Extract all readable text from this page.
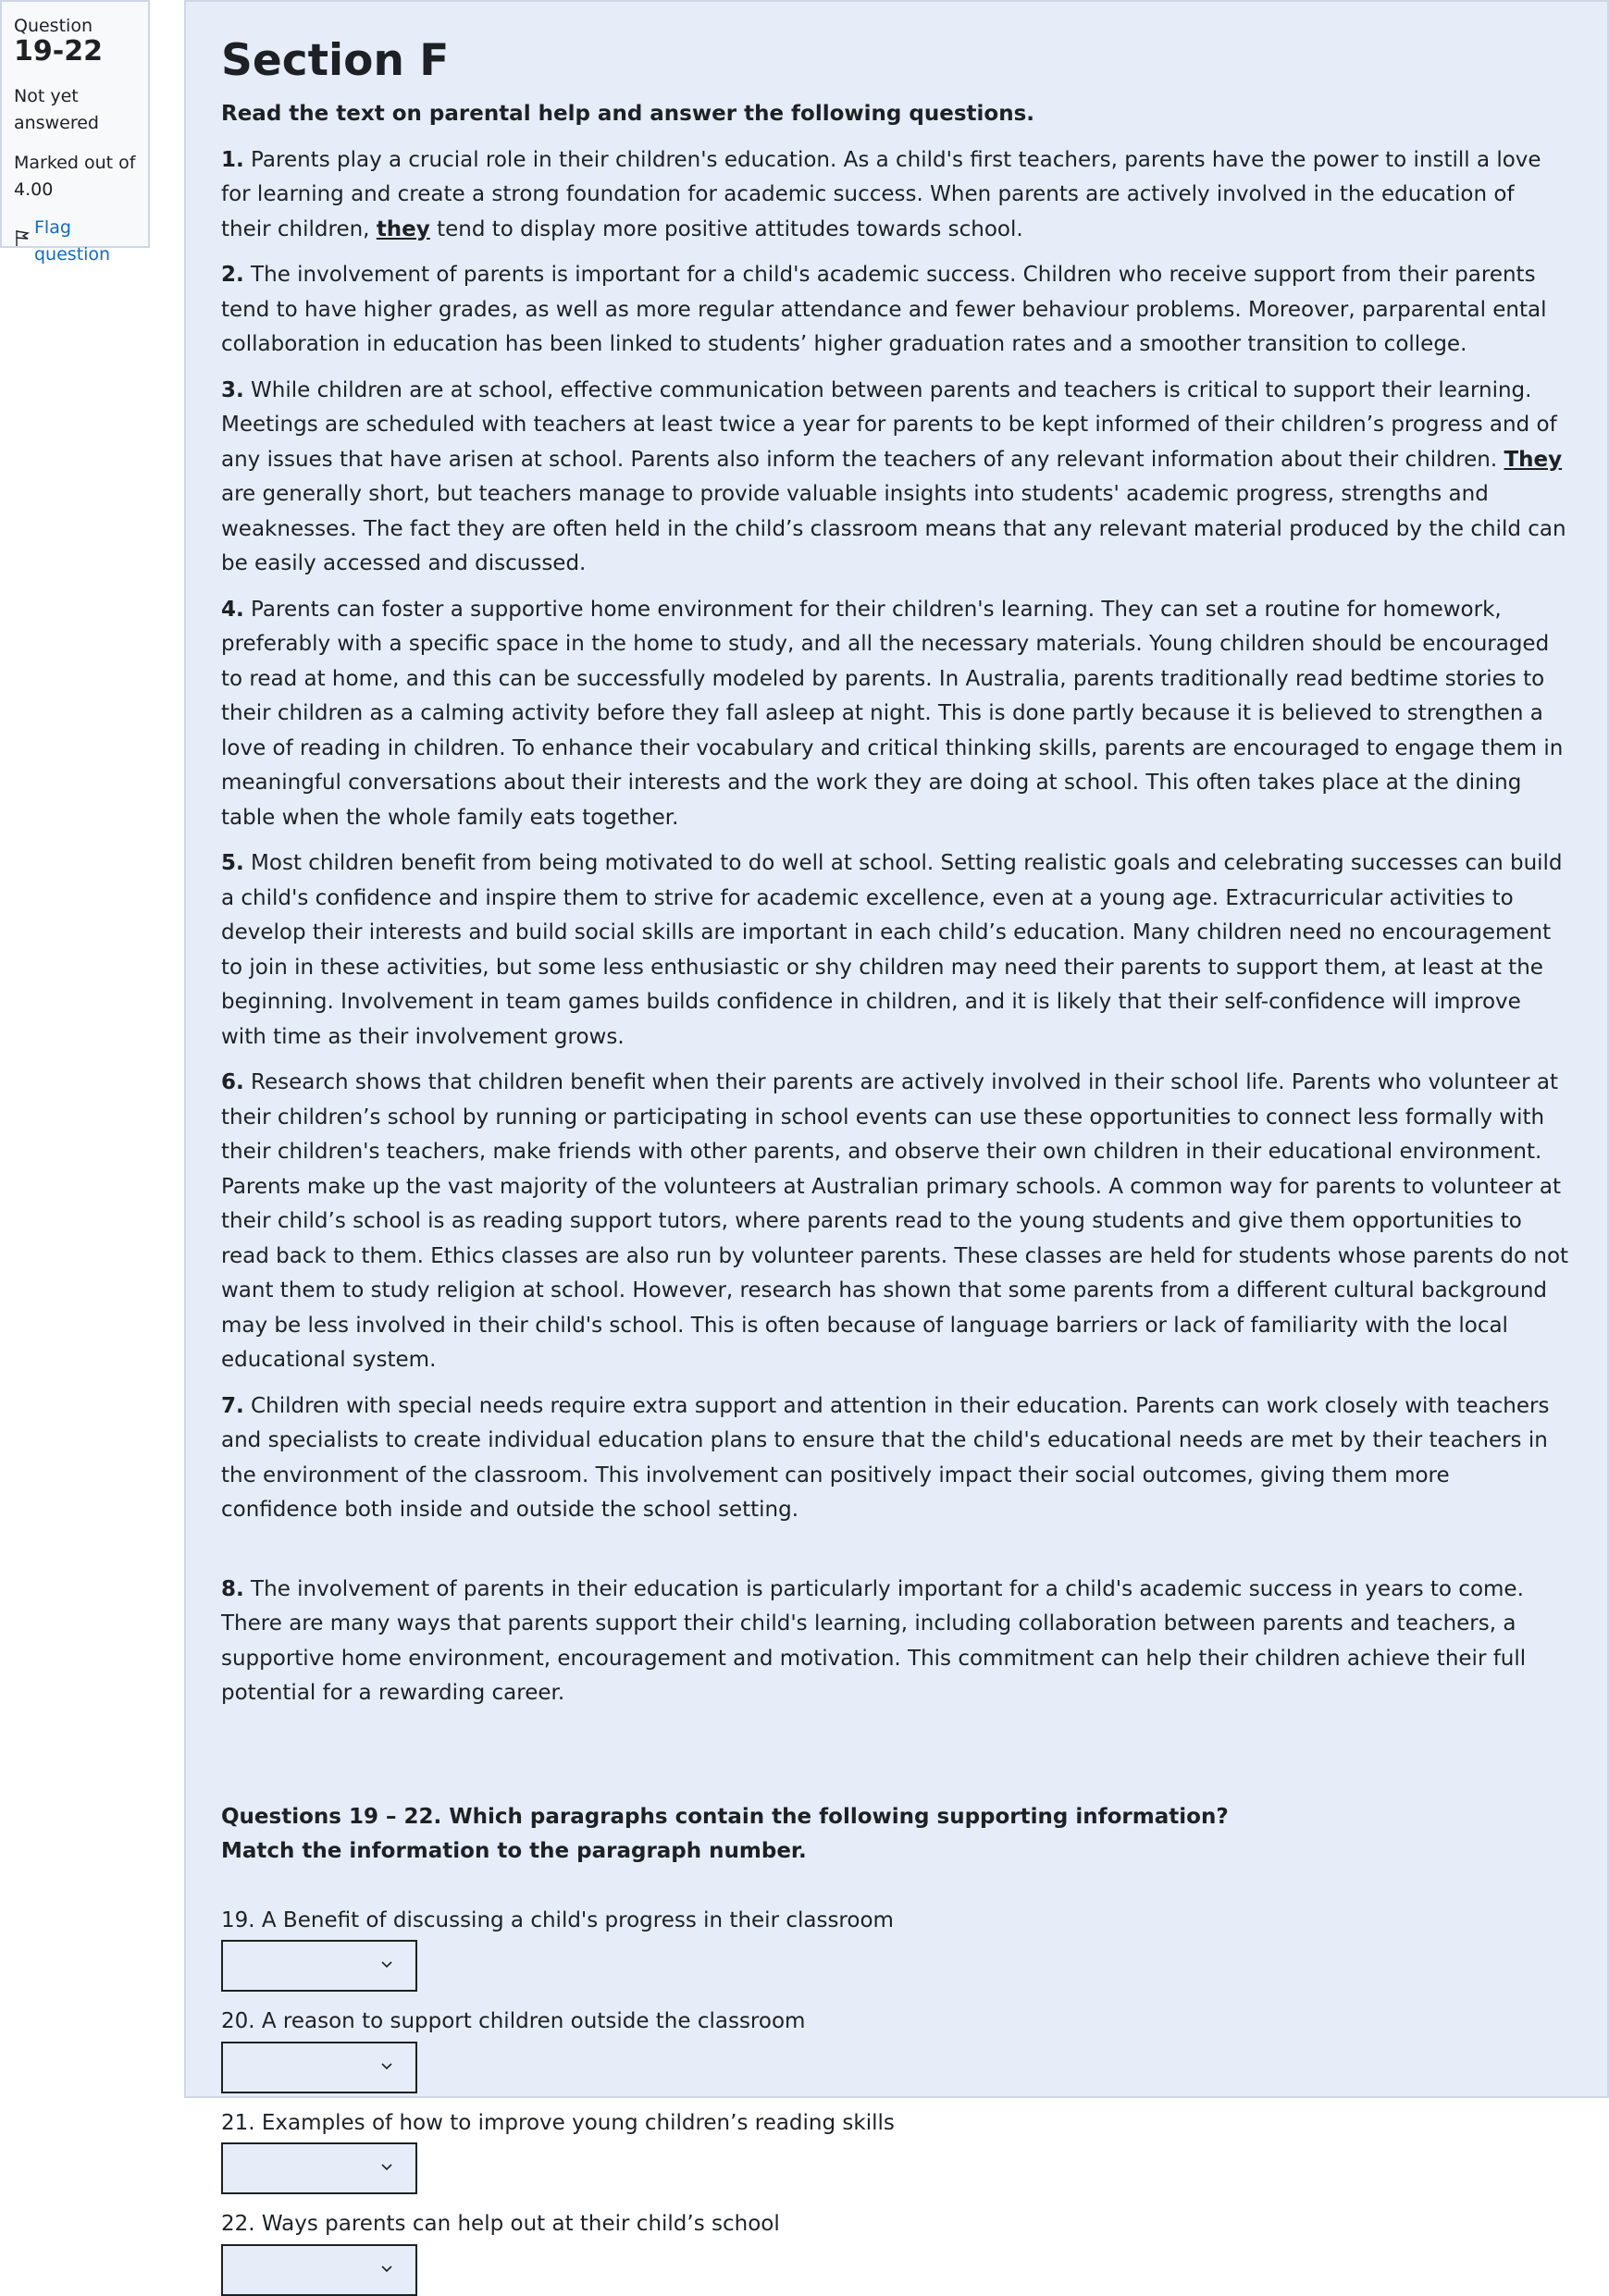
Question 19-22
Not yet answered
Marked out of 4.00
Flag question
Section F
Read the text on parental help and answer the following questions.

1. Parents play a crucial role in their children's education. As a child's first teachers, parents have the power to instill a love for learning and create a strong foundation for academic success. When parents are actively involved in the education of their children, they tend to display more positive attitudes towards school.

2. The involvement of parents is important for a child's academic success. Children who receive support from their parents tend to have higher grades, as well as more regular attendance and fewer behaviour problems. Moreover, parparental ental collaboration in education has been linked to students’ higher graduation rates and a smoother transition to college.

3. While children are at school, effective communication between parents and teachers is critical to support their learning. Meetings are scheduled with teachers at least twice a year for parents to be kept informed of their children’s progress and of any issues that have arisen at school. Parents also inform the teachers of any relevant information about their children. They are generally short, but teachers manage to provide valuable insights into students' academic progress, strengths and weaknesses. The fact they are often held in the child’s classroom means that any relevant material produced by the child can be easily accessed and discussed.

4. Parents can foster a supportive home environment for their children's learning. They can set a routine for homework, preferably with a specific space in the home to study, and all the necessary materials. Young children should be encouraged to read at home, and this can be successfully modeled by parents. In Australia, parents traditionally read bedtime stories to their children as a calming activity before they fall asleep at night. This is done partly because it is believed to strengthen a love of reading in children. To enhance their vocabulary and critical thinking skills, parents are encouraged to engage them in meaningful conversations about their interests and the work they are doing at school. This often takes place at the dining table when the whole family eats together.

5. Most children benefit from being motivated to do well at school. Setting realistic goals and celebrating successes can build a child's confidence and inspire them to strive for academic excellence, even at a young age. Extracurricular activities to develop their interests and build social skills are important in each child’s education. Many children need no encouragement to join in these activities, but some less enthusiastic or shy children may need their parents to support them, at least at the beginning. Involvement in team games builds confidence in children, and it is likely that their self-confidence will improve with time as their involvement grows.

6. Research shows that children benefit when their parents are actively involved in their school life. Parents who volunteer at their children’s school by running or participating in school events can use these opportunities to connect less formally with their children's teachers, make friends with other parents, and observe their own children in their educational environment. Parents make up the vast majority of the volunteers at Australian primary schools. A common way for parents to volunteer at their child’s school is as reading support tutors, where parents read to the young students and give them opportunities to read back to them. Ethics classes are also run by volunteer parents. These classes are held for students whose parents do not want them to study religion at school. However, research has shown that some parents from a different cultural background may be less involved in their child's school. This is often because of language barriers or lack of familiarity with the local educational system.

7. Children with special needs require extra support and attention in their education. Parents can work closely with teachers and specialists to create individual education plans to ensure that the child's educational needs are met by their teachers in the environment of the classroom. This involvement can positively impact their social outcomes, giving them more confidence both inside and outside the school setting.

8. The involvement of parents in their education is particularly important for a child's academic success in years to come. There are many ways that parents support their child's learning, including collaboration between parents and teachers, a supportive home environment, encouragement and motivation. This commitment can help their children achieve their full potential for a rewarding career.

Questions 19 – 22. Which paragraphs contain the following supporting information?
Match the information to the paragraph number.
19. A Benefit of discussing a child's progress in their classroom
20. A reason to support children outside the classroom
21. Examples of how to improve young children’s reading skills
22. Ways parents can help out at their child’s school
